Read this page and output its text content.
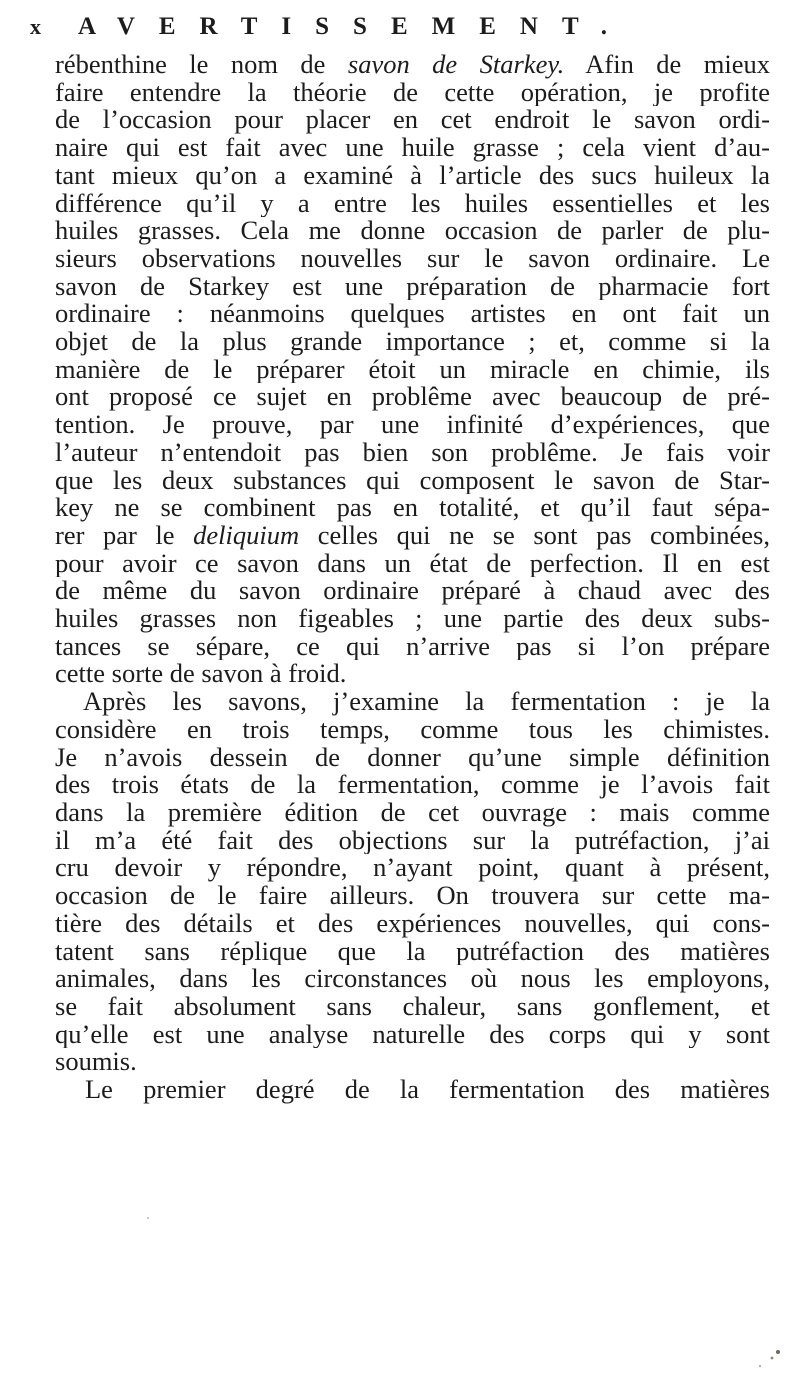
x	AVERTISSEMENT.
rébenthine le nom de savon de Starkey. Afin de mieux
faire entendre la théorie de cette opération, je profite
de l’occasion pour placer en cet endroit le savon ordi-
naire qui est fait avec une huile grasse ; cela vient d’au-
tant mieux qu’on a examiné à l’article des sucs huileux la
différence qu’il y a entre les huiles essentielles et les
huiles grasses. Cela me donne occasion de parler de plu-
sieurs observations nouvelles sur le savon ordinaire. Le
savon de Starkey est une préparation de pharmacie fort
ordinaire : néanmoins quelques artistes en ont fait un
objet de la plus grande importance ; et, comme si la
manière de le préparer étoit un miracle en chimie, ils
ont proposé ce sujet en problême avec beaucoup de pré-
tention. Je prouve, par une infinité d’expériences, que
l’auteur n’entendoit pas bien son problême. Je fais voir
que les deux substances qui composent le savon de Star-
key ne se combinent pas en totalité, et qu’il faut sépa-
rer par le deliquium celles qui ne se sont pas combinées,
pour avoir ce savon dans un état de perfection. Il en est
de même du savon ordinaire préparé à chaud avec des
huiles grasses non figeables ; une partie des deux subs-
tances se sépare, ce qui n’arrive pas si l’on prépare
cette sorte de savon à froid.
Après les savons, j’examine la fermentation : je la
considère en trois temps, comme tous les chimistes.
Je n’avois dessein de donner qu’une simple définition
des trois états de la fermentation, comme je l’avois fait
dans la première édition de cet ouvrage : mais comme
il m’a été fait des objections sur la putréfaction, j’ai
cru devoir y répondre, n’ayant point, quant à présent,
occasion de le faire ailleurs. On trouvera sur cette ma-
tière des détails et des expériences nouvelles, qui cons-
tatent sans réplique que la putréfaction des matières
animales, dans les circonstances où nous les employons,
se fait absolument sans chaleur, sans gonflement, et
qu’elle est une analyse naturelle des corps qui y sont
soumis.
Le premier degré de la fermentation des matières
